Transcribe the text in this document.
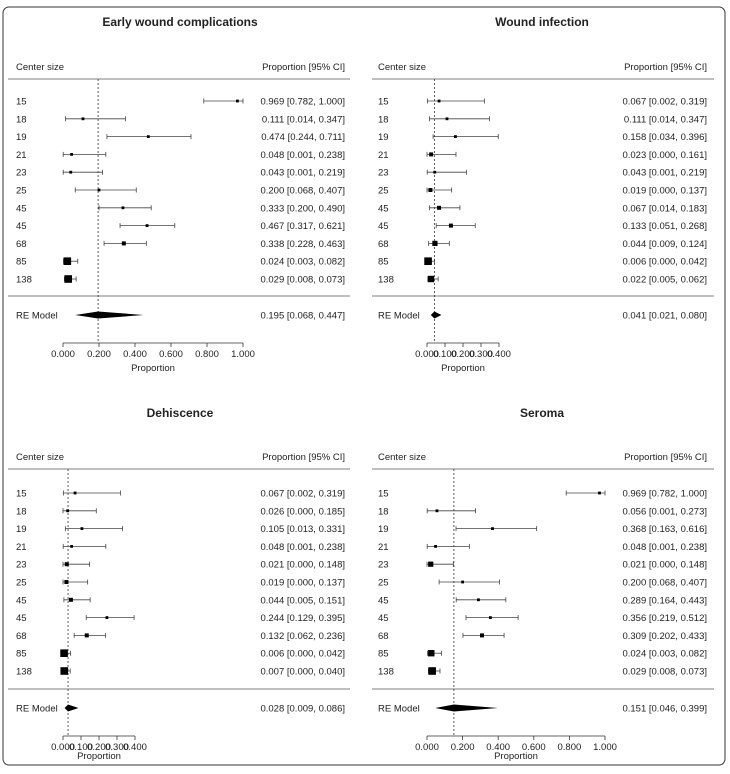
Early wound complications
Center size	Proportion [95% CI]
15	0.969 [0.782, 1.000]
18	0.111 [0.014, 0.347]
19	0.474 [0.244, 0.711]
21	0.048 [0.001, 0.238]
23	0.043 [0.001, 0.219]
25	0.200 [0.068, 0.407]
45	0.333 [0.200, 0.490]
45	0.467 [0.317, 0.621]
68	0.338 [0.228, 0.463]
85	0.024 [0.003, 0.082]
138	0.029 [0.008, 0.073]
RE Model	0.195 [0.068, 0.447]
0.000 0.200 0.400 0.600 0.800 1.000
Proportion
Wound infection
Center size	Proportion [95% CI]
15	0.067 [0.002, 0.319]
18	0.111 [0.014, 0.347]
19	0.158 [0.034, 0.396]
21	0.023 [0.000, 0.161]
23	0.043 [0.001, 0.219]
25	0.019 [0.000, 0.137]
45	0.067 [0.014, 0.183]
45	0.133 [0.051, 0.268]
68	0.044 [0.009, 0.124]
85	0.006 [0.000, 0.042]
138	0.022 [0.005, 0.062]
RE Model	0.041 [0.021, 0.080]
0.000
0.100
0.200
0.300
0.400
Proportion
Dehiscence
Center size	Proportion [95% CI]
15	0.067 [0.002, 0.319]
18	0.026 [0.000, 0.185]
19	0.105 [0.013, 0.331]
21	0.048 [0.001, 0.238]
23	0.021 [0.000, 0.148]
25	0.019 [0.000, 0.137]
45	0.044 [0.005, 0.151]
45	0.244 [0.129, 0.395]
68	0.132 [0.062, 0.236]
85	0.006 [0.000, 0.042]
138	0.007 [0.000, 0.040]
RE Model	0.028 [0.009, 0.086]
0.000
0.100
0.200
0.300
0.400
Proportion
Seroma
Center size	Proportion [95% CI]
15	0.969 [0.782, 1.000]
18	0.056 [0.001, 0.273]
19	0.368 [0.163, 0.616]
21	0.048 [0.001, 0.238]
23	0.021 [0.000, 0.148]
25	0.200 [0.068, 0.407]
45	0.289 [0.164, 0.443]
45	0.356 [0.219, 0.512]
68	0.309 [0.202, 0.433]
85	0.024 [0.003, 0.082]
138	0.029 [0.008, 0.073]
RE Model	0.151 [0.046, 0.399]
0.000 0.200 0.400 0.600 0.800 1.000
Proportion
